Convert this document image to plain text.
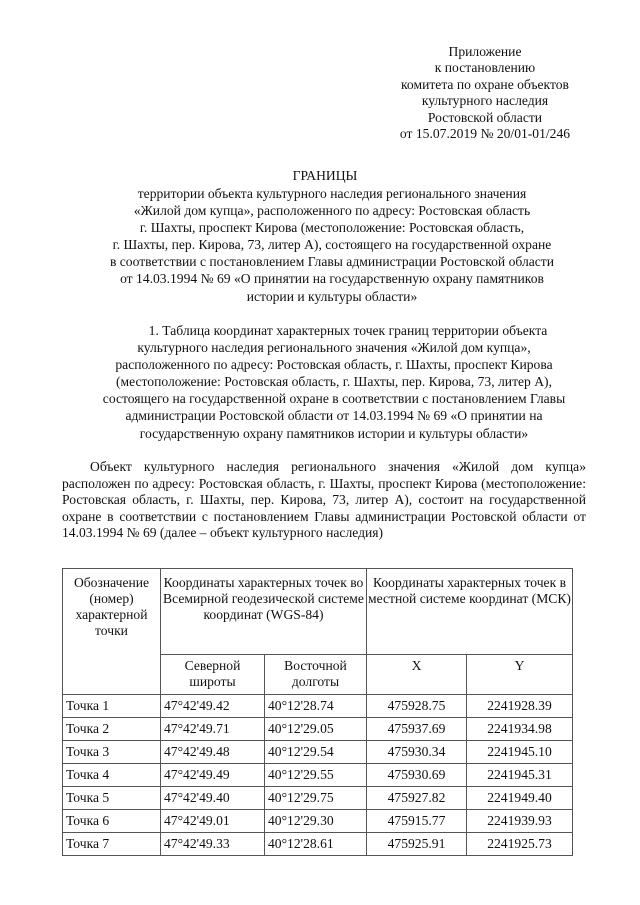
Приложение
к постановлению
комитета по охране объектов
культурного наследия
Ростовской области
от 15.07.2019 № 20/01-01/246
ГРАНИЦЫ
территории объекта культурного наследия регионального значения
«Жилой дом купца», расположенного по адресу: Ростовская область
г. Шахты, проспект Кирова (местоположение: Ростовская область,
г. Шахты, пер. Кирова, 73, литер А), состоящего на государственной охране
в соответствии с постановлением Главы администрации Ростовской области
от 14.03.1994 № 69 «О принятии на государственную охрану памятников
истории и культуры области»
1. Таблица координат характерных точек границ территории объекта
культурного наследия регионального значения «Жилой дом купца»,
расположенного по адресу: Ростовская область, г. Шахты, проспект Кирова
(местоположение: Ростовская область, г. Шахты, пер. Кирова, 73, литер А),
состоящего на государственной охране в соответствии с постановлением Главы
администрации Ростовской области от 14.03.1994 № 69 «О принятии на
государственную охрану памятников истории и культуры области»
Объект культурного наследия регионального значения «Жилой дом купца» расположен по адресу: Ростовская область, г. Шахты, проспект Кирова (местоположение: Ростовская область, г. Шахты, пер. Кирова, 73, литер А), состоит на государственной охране в соответствии с постановлением Главы администрации Ростовской области от 14.03.1994 № 69 (далее – объект культурного наследия)
Обозначение (номер) характерной точки	Координаты характерных точек во Всемирной геодезической системе координат (WGS-84)		Координаты характерных точек в местной системе координат (МСК)	
	Северной широты	Восточной долготы	X	Y
Точка 1	47°42'49.42	40°12'28.74	475928.75	2241928.39
Точка 2	47°42'49.71	40°12'29.05	475937.69	2241934.98
Точка 3	47°42'49.48	40°12'29.54	475930.34	2241945.10
Точка 4	47°42'49.49	40°12'29.55	475930.69	2241945.31
Точка 5	47°42'49.40	40°12'29.75	475927.82	2241949.40
Точка 6	47°42'49.01	40°12'29.30	475915.77	2241939.93
Точка 7	47°42'49.33	40°12'28.61	475925.91	2241925.73
